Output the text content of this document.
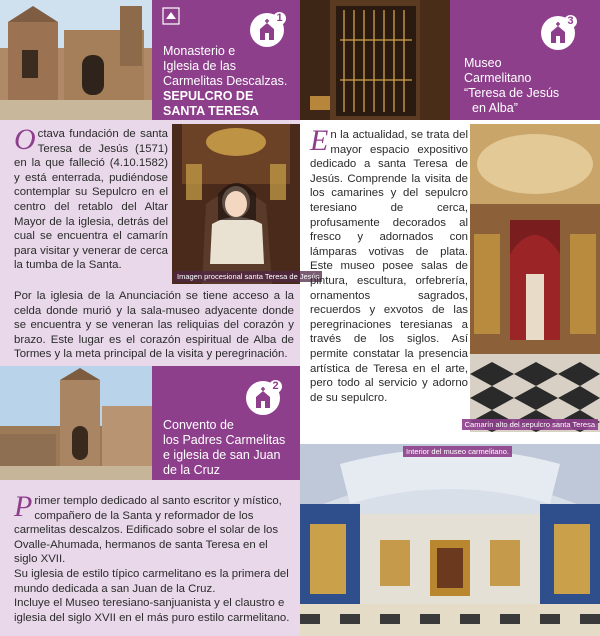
1
Monasterio e
Iglesia de las
Carmelitas Descalzas.
SEPULCRO DE
SANTA TERESA
3
Museo
Carmelitano
“Teresa de Jesús
en Alba”
Octava fundación de santa Teresa de Jesús (1571) en la que falleció (4.10.1582) y está enterrada, pudiéndose contemplar su Sepulcro en el centro del retablo del Altar Mayor de la iglesia, detrás del cual se encuentra el camarín para visitar y venerar de cerca la tumba de la Santa.
Imagen procesional santa Teresa de Jesús
Por la iglesia de la Anunciación se tiene acceso a la celda donde murió y la sala-museo adyacente donde se encuentra y se veneran las reliquias del corazón y brazo. Este lugar es el corazón espiritual de Alba de Tormes y la meta principal de la visita y peregrinación.
2
Convento de
los Padres Carmelitas
e iglesia de san Juan
de la Cruz
Primer templo dedicado al santo escritor y místico, compañero de la Santa y reformador de los carmelitas descalzos. Edificado sobre el solar de los Ovalle-Ahumada, hermanos de santa Teresa en el siglo XVII.
Su iglesia de estilo típico carmelitano es la primera del mundo dedicada a san Juan de la Cruz.
Incluye el Museo teresiano-sanjuanista y el claustro e iglesia del siglo XVII en el más puro estilo carmelitano.
En la actualidad, se trata del mayor espacio expositivo dedicado a santa Teresa de Jesús. Comprende la visita de los camarines y del sepulcro teresiano de cerca, profusamente decorados al fresco y adornados con lámparas votivas de plata. Este museo posee salas de pintura, escultura, orfebrería, ornamentos sagrados, recuerdos y exvotos de las peregrinaciones teresianas a través de los siglos. Así permite constatar la presencia artística de Teresa en el arte, pero todo al servicio y adorno de su sepulcro.
Camarín alto del sepulcro santa Teresa
Interior del museo carmelitano.
